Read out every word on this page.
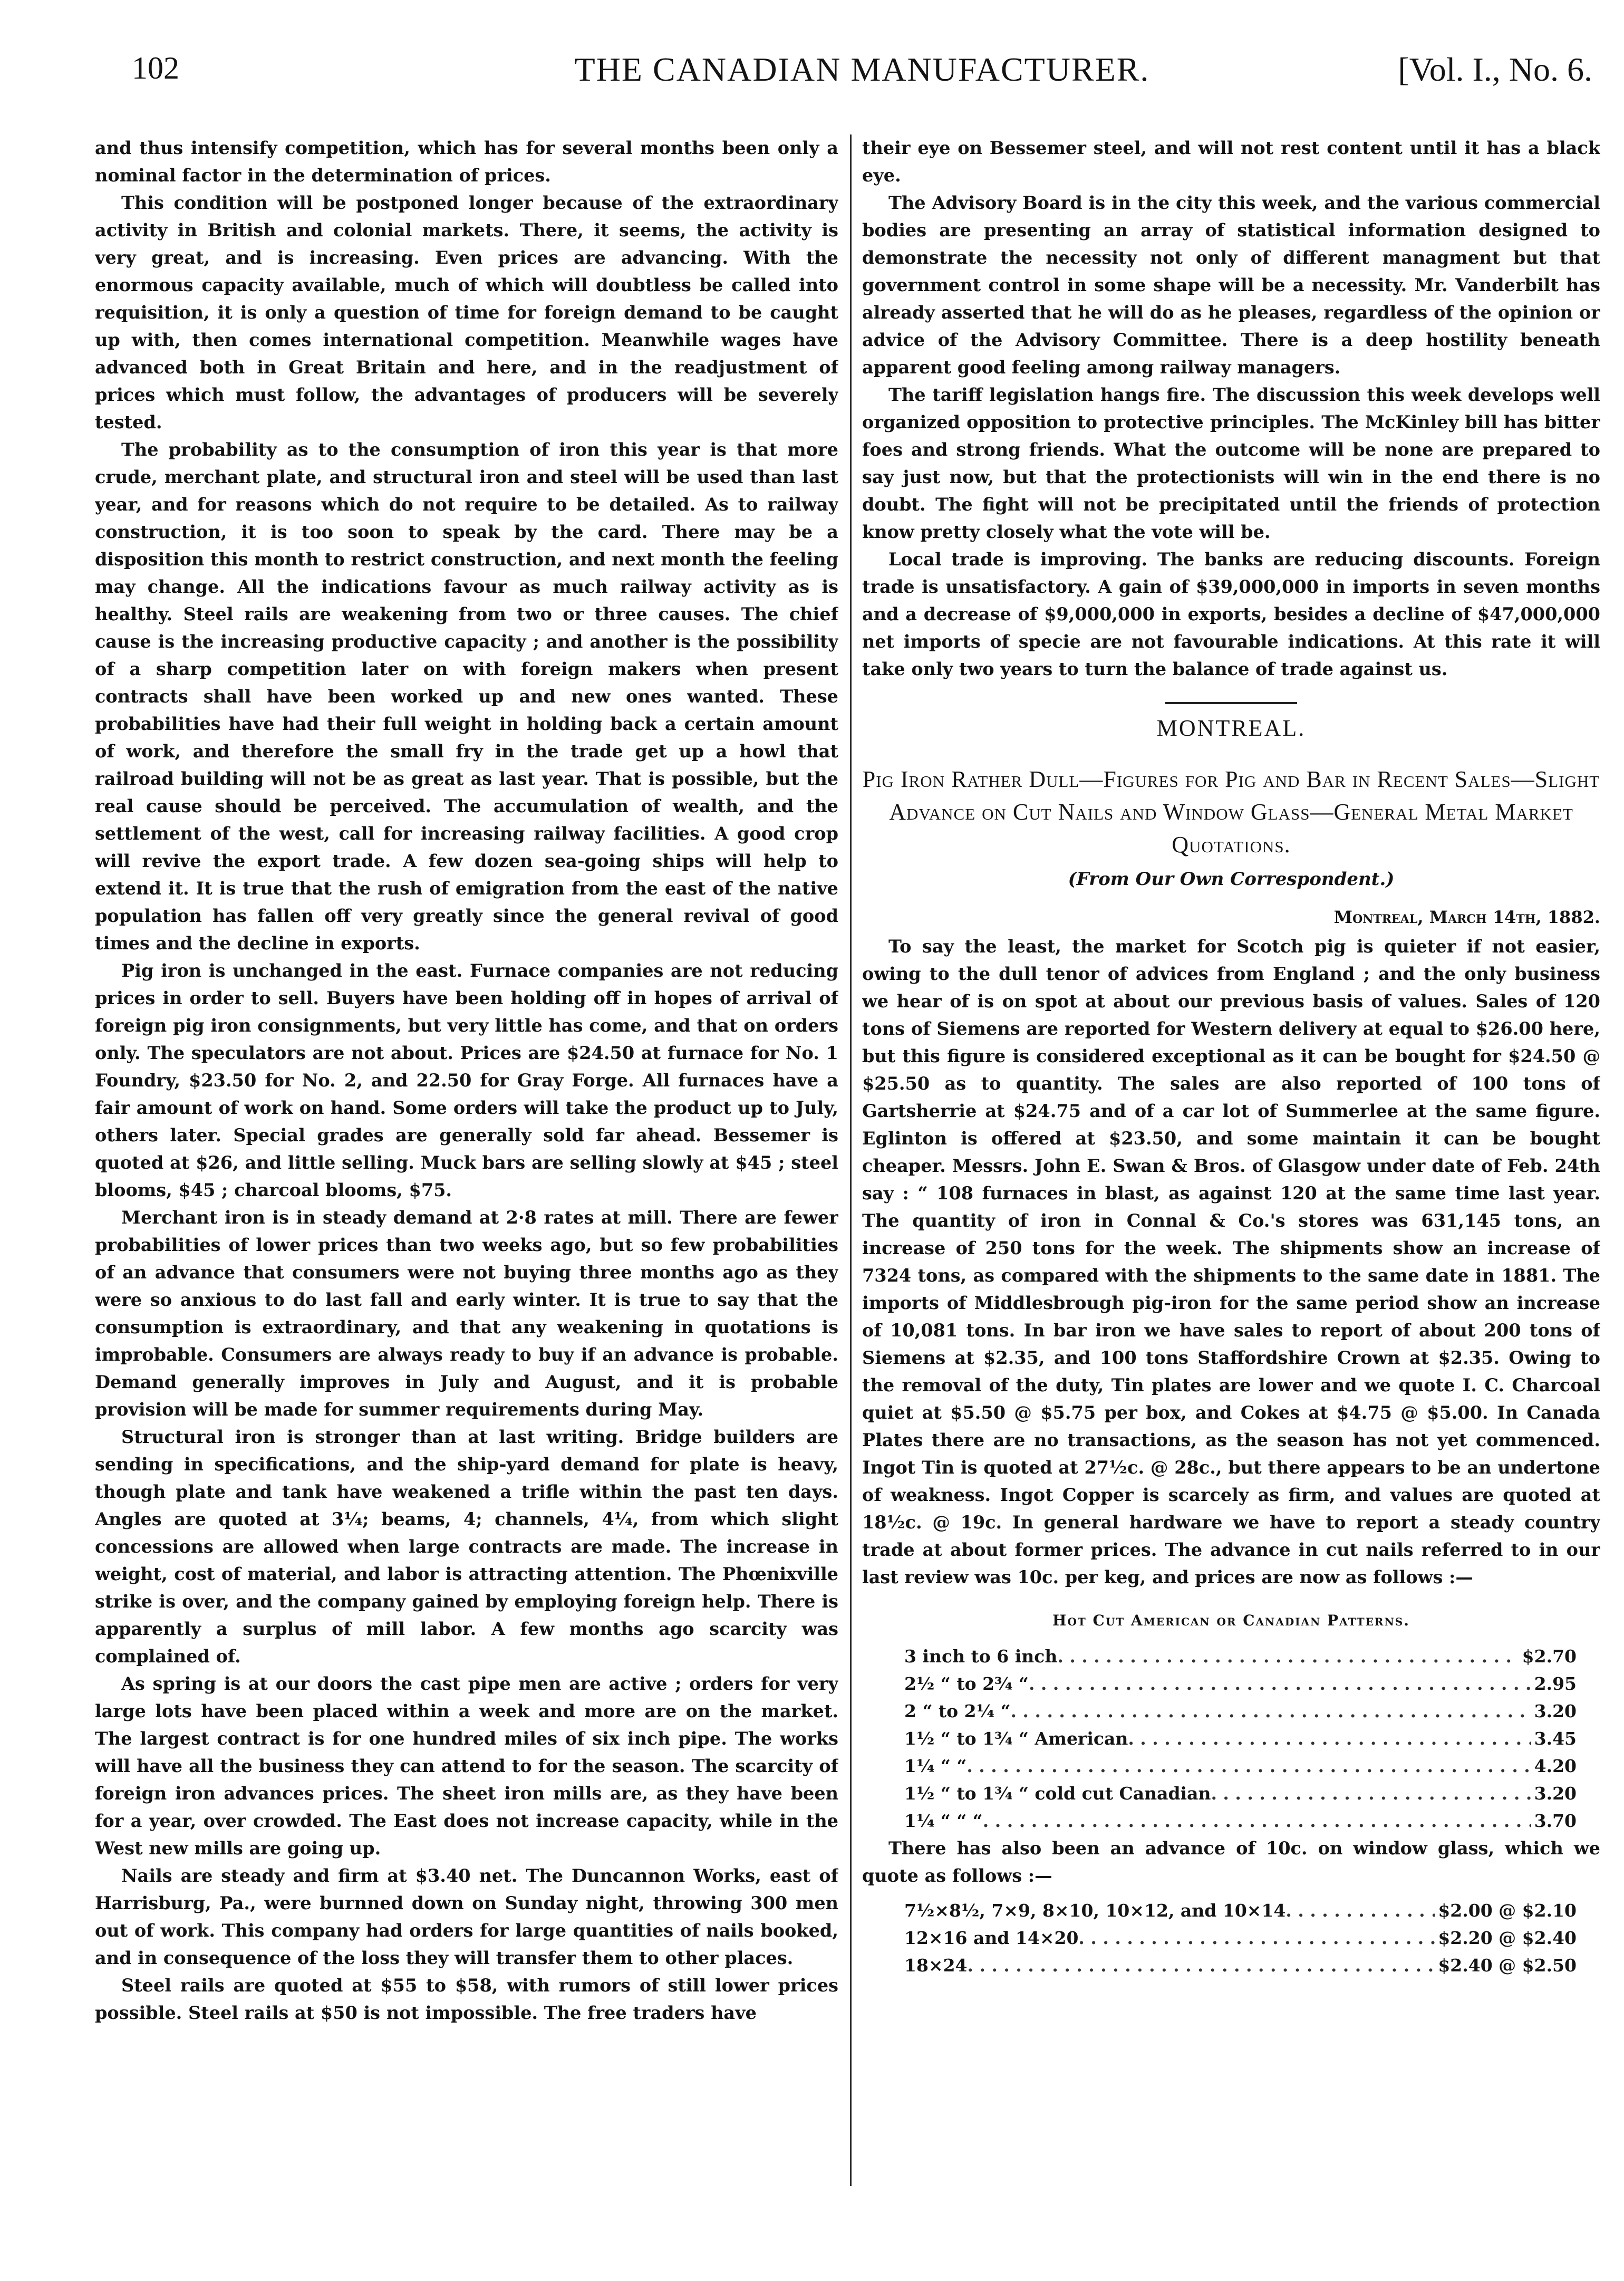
102	THE CANADIAN MANUFACTURER.	[Vol. I., No. 6.

and thus intensify competition, which has for several months been only a nominal factor in the determination of prices.

This condition will be postponed longer because of the extraordinary activity in British and colonial markets. There, it seems, the activity is very great, and is increasing. Even prices are advancing. With the enormous capacity available, much of which will doubtless be called into requisition, it is only a question of time for foreign demand to be caught up with, then comes international competition. Meanwhile wages have advanced both in Great Britain and here, and in the readjustment of prices which must follow, the advantages of producers will be severely tested.

The probability as to the consumption of iron this year is that more crude, merchant plate, and structural iron and steel will be used than last year, and for reasons which do not require to be detailed. As to railway construction, it is too soon to speak by the card. There may be a disposition this month to restrict construction, and next month the feeling may change. All the indications favour as much railway activity as is healthy. Steel rails are weakening from two or three causes. The chief cause is the increasing productive capacity ; and another is the possibility of a sharp competition later on with foreign makers when present contracts shall have been worked up and new ones wanted. These probabilities have had their full weight in holding back a certain amount of work, and therefore the small fry in the trade get up a howl that railroad building will not be as great as last year. That is possible, but the real cause should be perceived. The accumulation of wealth, and the settlement of the west, call for increasing railway facilities. A good crop will revive the export trade. A few dozen sea-going ships will help to extend it. It is true that the rush of emigration from the east of the native population has fallen off very greatly since the general revival of good times and the decline in exports.

Pig iron is unchanged in the east. Furnace companies are not reducing prices in order to sell. Buyers have been holding off in hopes of arrival of foreign pig iron consignments, but very little has come, and that on orders only. The speculators are not about. Prices are $24.50 at furnace for No. 1 Foundry, $23.50 for No. 2, and 22.50 for Gray Forge. All furnaces have a fair amount of work on hand. Some orders will take the product up to July, others later. Special grades are generally sold far ahead. Bessemer is quoted at $26, and little selling. Muck bars are selling slowly at $45 ; steel blooms, $45 ; charcoal blooms, $75.

Merchant iron is in steady demand at 2·8 rates at mill. There are fewer probabilities of lower prices than two weeks ago, but so few probabilities of an advance that consumers were not buying three months ago as they were so anxious to do last fall and early winter. It is true to say that the consumption is extraordinary, and that any weakening in quotations is improbable. Consumers are always ready to buy if an advance is probable. Demand generally improves in July and August, and it is probable provision will be made for summer requirements during May.

Structural iron is stronger than at last writing. Bridge builders are sending in specifications, and the ship-yard demand for plate is heavy, though plate and tank have weakened a trifle within the past ten days. Angles are quoted at 3¼; beams, 4; channels, 4¼, from which slight concessions are allowed when large contracts are made. The increase in weight, cost of material, and labor is attracting attention. The Phœnixville strike is over, and the company gained by employing foreign help. There is apparently a surplus of mill labor. A few months ago scarcity was complained of.

As spring is at our doors the cast pipe men are active ; orders for very large lots have been placed within a week and more are on the market. The largest contract is for one hundred miles of six inch pipe. The works will have all the business they can attend to for the season. The scarcity of foreign iron advances prices. The sheet iron mills are, as they have been for a year, over crowded. The East does not increase capacity, while in the West new mills are going up.

Nails are steady and firm at $3.40 net. The Duncannon Works, east of Harrisburg, Pa., were burnned down on Sunday night, throwing 300 men out of work. This company had orders for large quantities of nails booked, and in consequence of the loss they will transfer them to other places.

Steel rails are quoted at $55 to $58, with rumors of still lower prices possible. Steel rails at $50 is not impossible. The free traders have

their eye on Bessemer steel, and will not rest content until it has a black eye.

The Advisory Board is in the city this week, and the various commercial bodies are presenting an array of statistical information designed to demonstrate the necessity not only of different managment but that government control in some shape will be a necessity. Mr. Vanderbilt has already asserted that he will do as he pleases, regardless of the opinion or advice of the Advisory Committee. There is a deep hostility beneath apparent good feeling among railway managers.

The tariff legislation hangs fire. The discussion this week develops well organized opposition to protective principles. The McKinley bill has bitter foes and strong friends. What the outcome will be none are prepared to say just now, but that the protectionists will win in the end there is no doubt. The fight will not be precipitated until the friends of protection know pretty closely what the vote will be.

Local trade is improving. The banks are reducing discounts. Foreign trade is unsatisfactory. A gain of $39,000,000 in imports in seven months and a decrease of $9,000,000 in exports, besides a decline of $47,000,000 net imports of specie are not favourable indications. At this rate it will take only two years to turn the balance of trade against us.

MONTREAL.
Pig Iron Rather Dull—Figures for Pig and Bar in Recent Sales—Slight Advance on Cut Nails and Window Glass—General Metal Market Quotations.
(From Our Own Correspondent.)
Montreal, March 14th, 1882.

To say the least, the market for Scotch pig is quieter if not easier, owing to the dull tenor of advices from England ; and the only business we hear of is on spot at about our previous basis of values. Sales of 120 tons of Siemens are reported for Western delivery at equal to $26.00 here, but this figure is considered exceptional as it can be bought for $24.50 @ $25.50 as to quantity. The sales are also reported of 100 tons of Gartsherrie at $24.75 and of a car lot of Summerlee at the same figure. Eglinton is offered at $23.50, and some maintain it can be bought cheaper. Messrs. John E. Swan & Bros. of Glasgow under date of Feb. 24th say : “ 108 furnaces in blast, as against 120 at the same time last year. The quantity of iron in Connal & Co.'s stores was 631,145 tons, an increase of 250 tons for the week. The shipments show an increase of 7324 tons, as compared with the shipments to the same date in 1881. The imports of Middlesbrough pig-iron for the same period show an increase of 10,081 tons. In bar iron we have sales to report of about 200 tons of Siemens at $2.35, and 100 tons Staffordshire Crown at $2.35. Owing to the removal of the duty, Tin plates are lower and we quote I. C. Charcoal quiet at $5.50 @ $5.75 per box, and Cokes at $4.75 @ $5.00. In Canada Plates there are no transactions, as the season has not yet commenced. Ingot Tin is quoted at 27½c. @ 28c., but there appears to be an undertone of weakness. Ingot Copper is scarcely as firm, and values are quoted at 18½c. @ 19c. In general hardware we have to report a steady country trade at about former prices. The advance in cut nails referred to in our last review was 10c. per keg, and prices are now as follows :—

Hot Cut American or Canadian Patterns.
3 inch to 6 inch . . .	$2.70
2½ “ to 2¾ “ . . .	2.95
2 “ to 2¼ “ . . .	3.20
1½ “ to 1¾ “ American . . .	3.45
1¼ “ “ . . .	4.20
1½ “ to 1¾ “ cold cut Canadian . . .	3.20
1¼ “ “ “ . . .	3.70

There has also been an advance of 10c. on window glass, which we quote as follows :—

7½×8½, 7×9, 8×10, 10×12, and 10×14 . . .	$2.00 @ $2.10
12×16 and 14×20 . . .	$2.20 @ $2.40
18×24 . . .	$2.40 @ $2.50
